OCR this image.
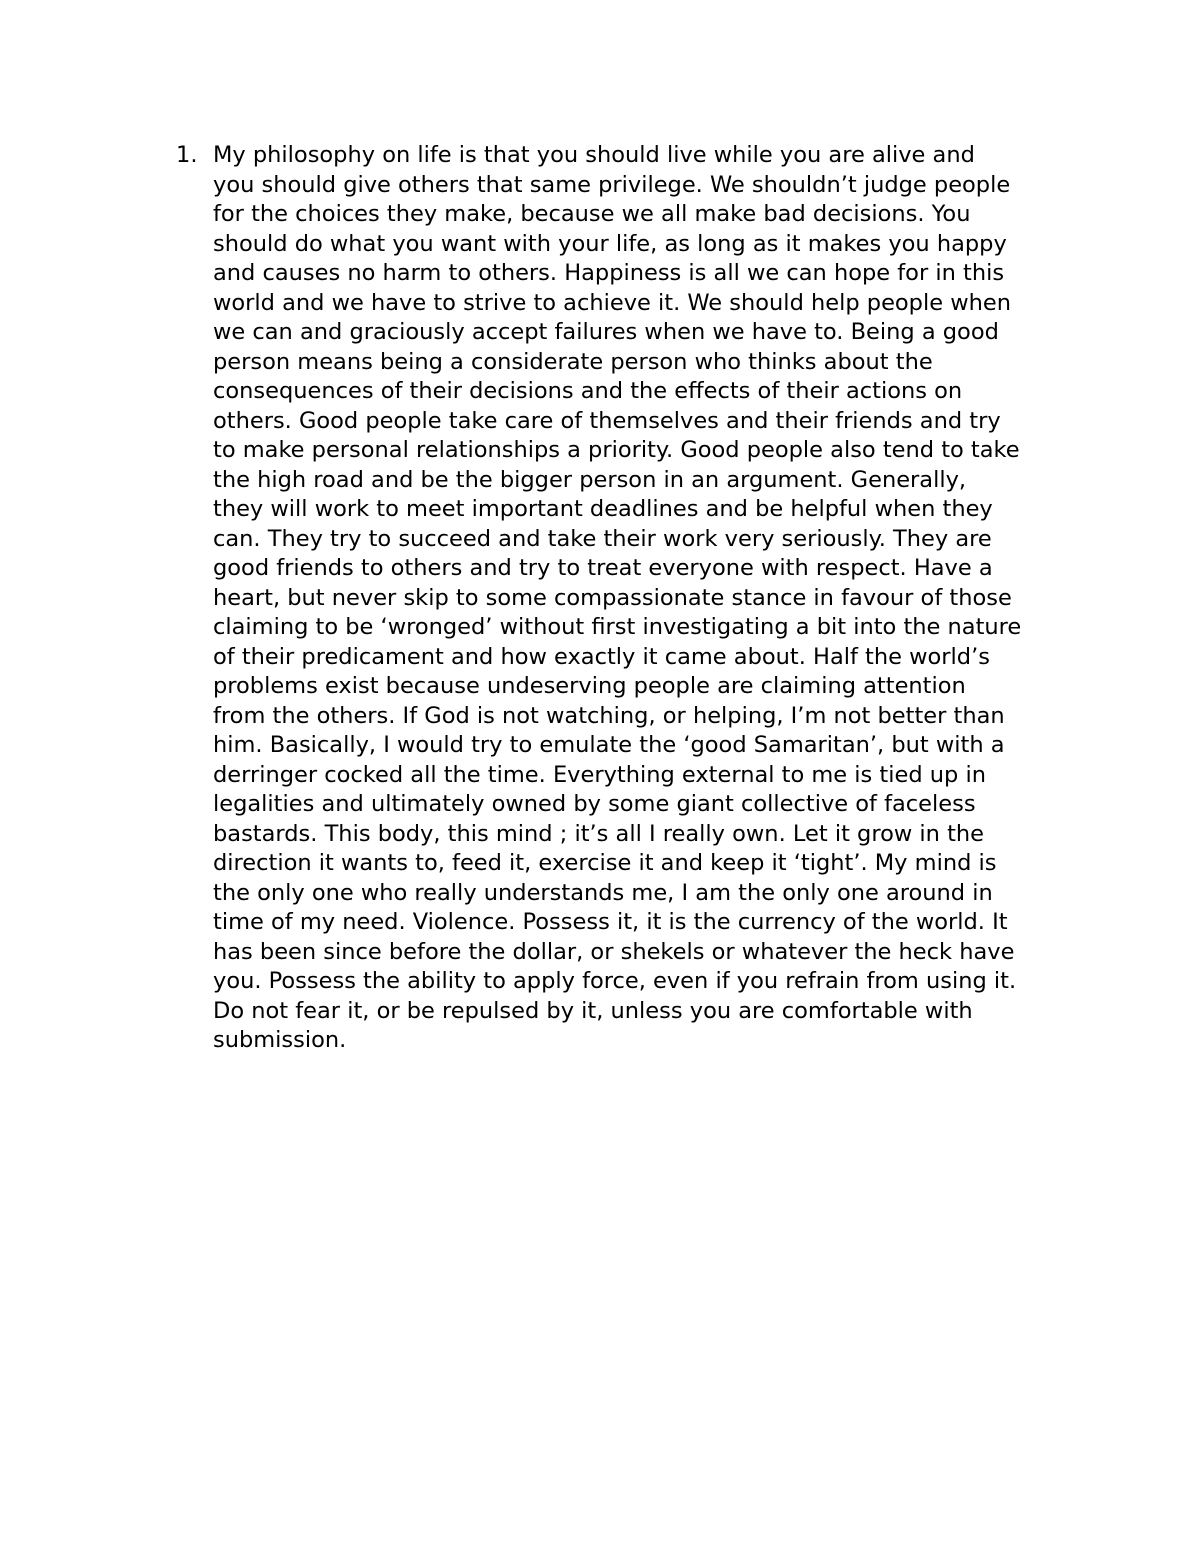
1. My philosophy on life is that you should live while you are alive and
you should give others that same privilege. We shouldn’t judge people
for the choices they make, because we all make bad decisions. You
should do what you want with your life, as long as it makes you happy
and causes no harm to others. Happiness is all we can hope for in this
world and we have to strive to achieve it. We should help people when
we can and graciously accept failures when we have to. Being a good
person means being a considerate person who thinks about the
consequences of their decisions and the effects of their actions on
others. Good people take care of themselves and their friends and try
to make personal relationships a priority. Good people also tend to take
the high road and be the bigger person in an argument. Generally,
they will work to meet important deadlines and be helpful when they
can. They try to succeed and take their work very seriously. They are
good friends to others and try to treat everyone with respect. Have a
heart, but never skip to some compassionate stance in favour of those
claiming to be ‘wronged’ without first investigating a bit into the nature
of their predicament and how exactly it came about. Half the world’s
problems exist because undeserving people are claiming attention
from the others. If God is not watching, or helping, I’m not better than
him. Basically, I would try to emulate the ‘good Samaritan’, but with a
derringer cocked all the time. Everything external to me is tied up in
legalities and ultimately owned by some giant collective of faceless
bastards. This body, this mind ; it’s all I really own. Let it grow in the
direction it wants to, feed it, exercise it and keep it ‘tight’. My mind is
the only one who really understands me, I am the only one around in
time of my need. Violence. Possess it, it is the currency of the world. It
has been since before the dollar, or shekels or whatever the heck have
you. Possess the ability to apply force, even if you refrain from using it.
Do not fear it, or be repulsed by it, unless you are comfortable with
submission.
